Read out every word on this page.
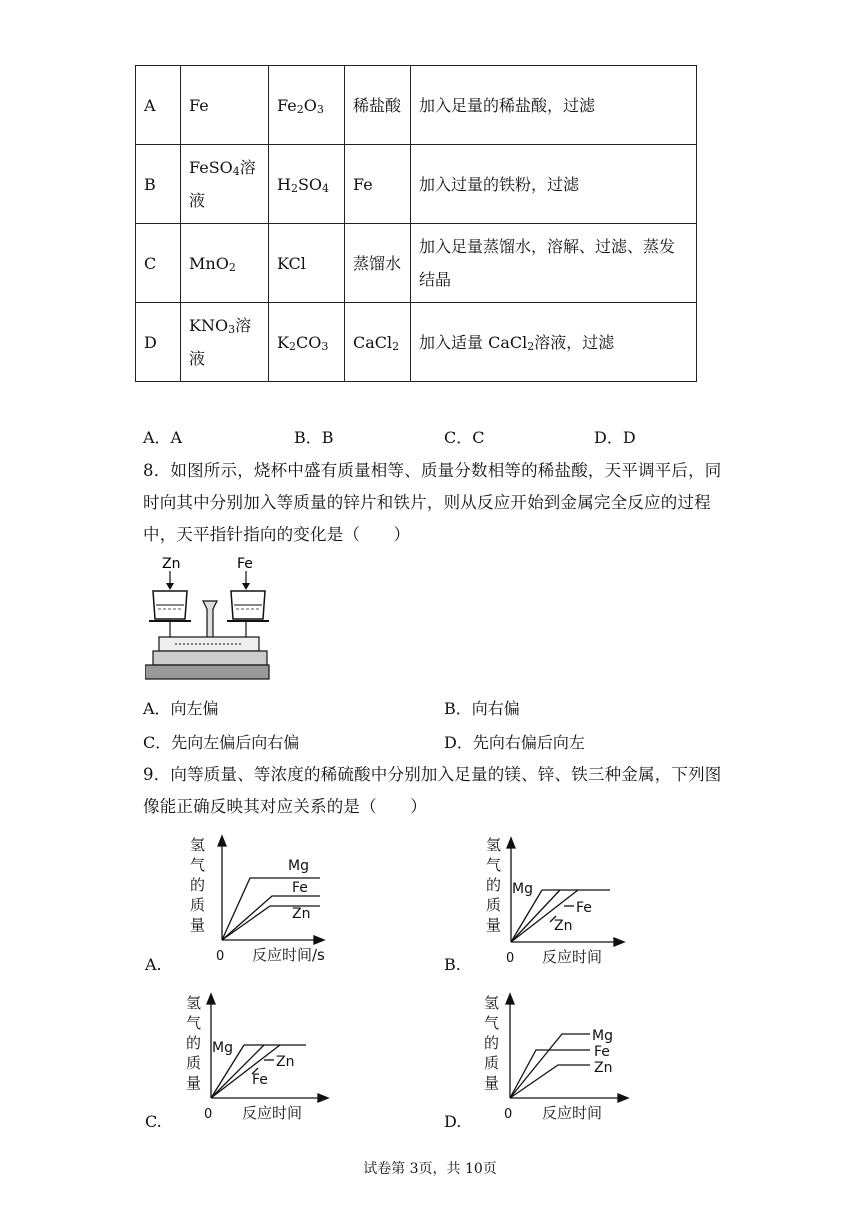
A	Fe	$Fe_2O_3$	稀盐酸	加入足量的稀盐酸，过滤
B	FeSO$_4$溶液	$H_2SO_4$	Fe	加入过量的铁粉，过滤
C	MnO$_2$	KCl	蒸馏水	加入足量蒸馏水，溶解、过滤、蒸发结晶
D	$KNO_3$溶液	$K_2CO_3$	CaCl$_2$	加入适量 CaCl$_2$溶液，过滤
A．A	B．B	C．C	D．D
8．如图所示，烧杯中盛有质量相等、质量分数相等的稀盐酸，天平调平后，同时向其中分别加入等质量的锌片和铁片，则从反应开始到金属完全反应的过程中，天平指针指向的变化是（　　）
Zn	Fe
A．向左偏	B．向右偏
C．先向左偏后向右偏	D．先向右偏后向左
9．向等质量、等浓度的稀硫酸中分别加入足量的镁、锌、铁三种金属，下列图像能正确反映其对应关系的是（　　）
氢
气
的
质
量
0 反应时间/s
Mg
Fe
Zn
A.
氢
气
的
质
量
0 反应时间
Mg
Fe
Zn
B.
氢
气
的
质
量
0 反应时间
Mg
Zn
Fe
C.
氢
气
的
质
量
0 反应时间
Mg
Fe
Zn
D.
试卷第 3页，共 10页
